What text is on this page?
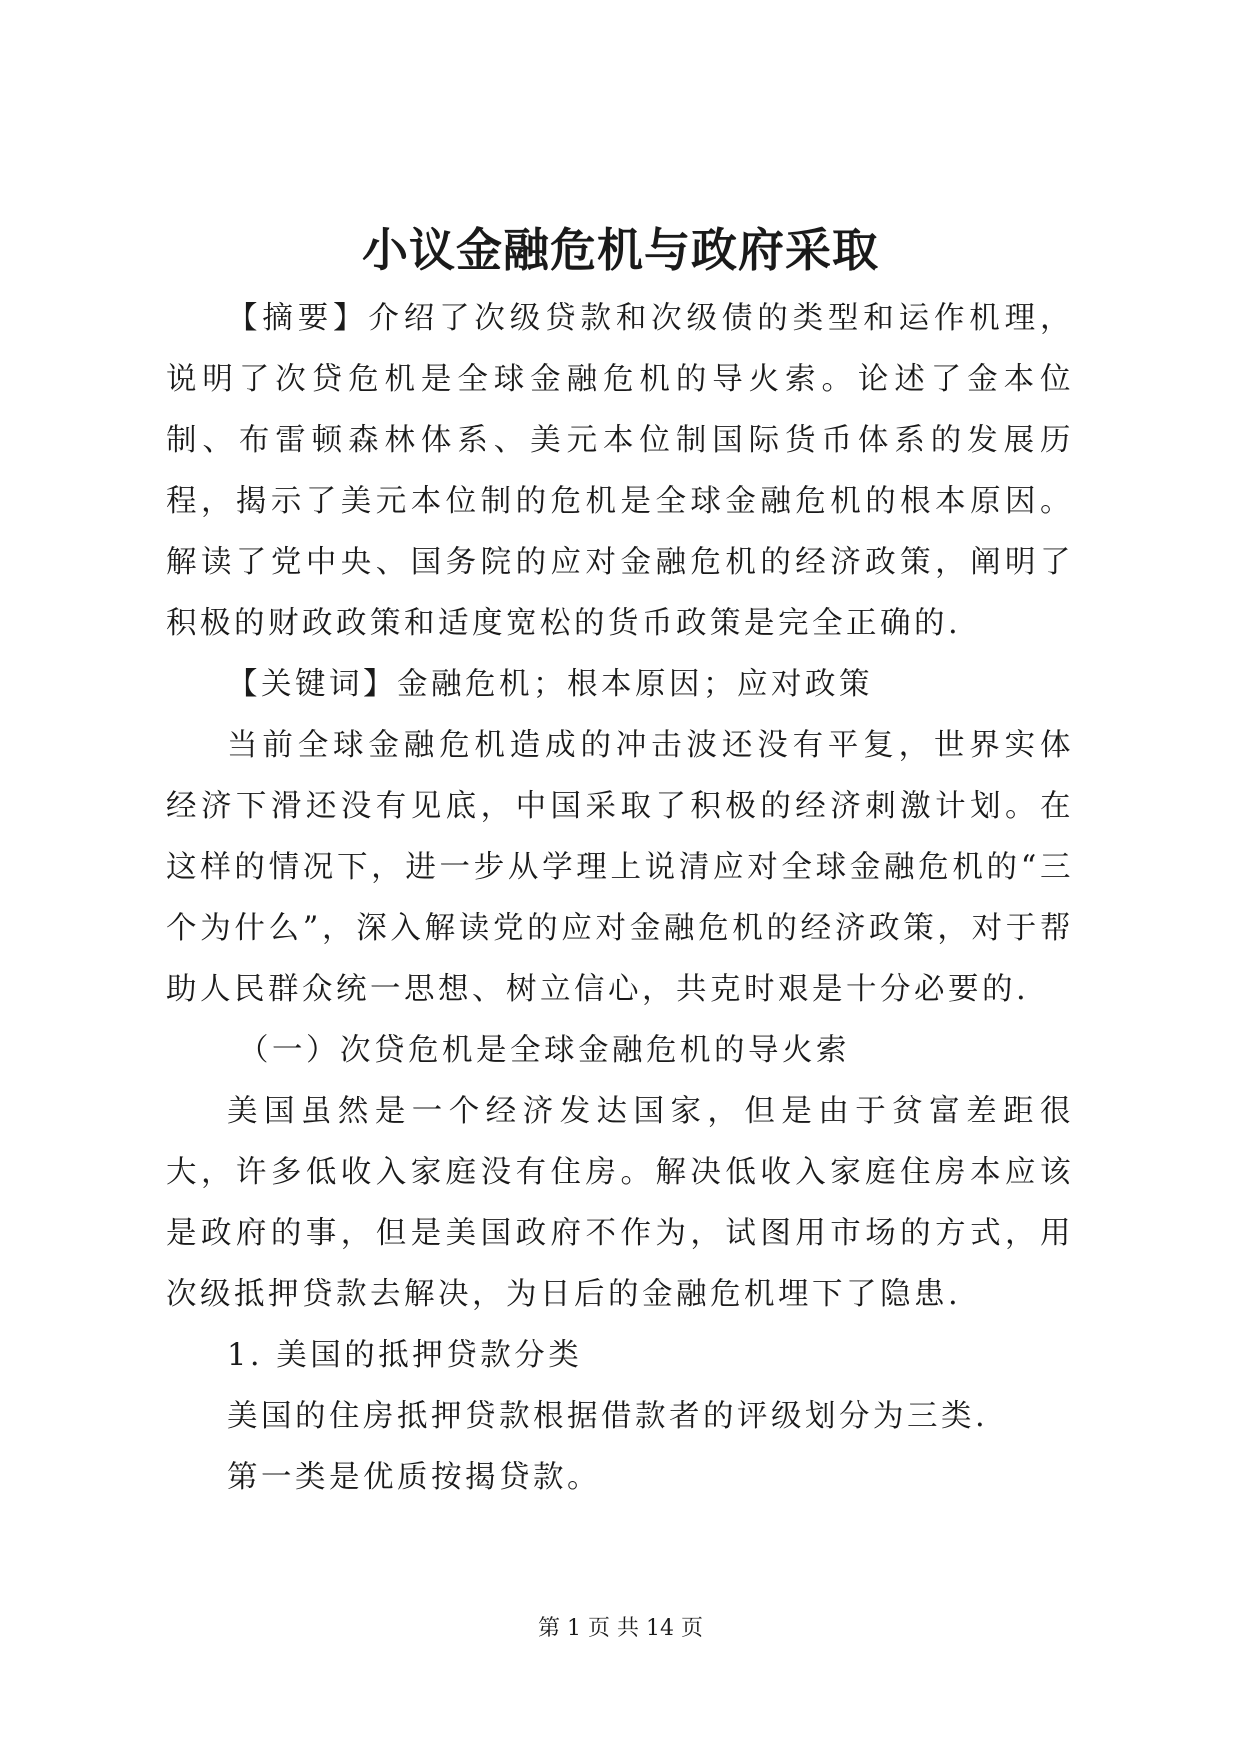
小议金融危机与政府采取

【摘要】介绍了次级贷款和次级债的类型和运作机理，说明了次贷危机是全球金融危机的导火索。论述了金本位制、布雷顿森林体系、美元本位制国际货币体系的发展历程，揭示了美元本位制的危机是全球金融危机的根本原因。解读了党中央、国务院的应对金融危机的经济政策，阐明了积极的财政政策和适度宽松的货币政策是完全正确的.

【关键词】金融危机；根本原因；应对政策

当前全球金融危机造成的冲击波还没有平复，世界实体经济下滑还没有见底，中国采取了积极的经济刺激计划。在这样的情况下，进一步从学理上说清应对全球金融危机的“三个为什么”，深入解读党的应对金融危机的经济政策，对于帮助人民群众统一思想、树立信心，共克时艰是十分必要的.

（一）次贷危机是全球金融危机的导火索

美国虽然是一个经济发达国家，但是由于贫富差距很大，许多低收入家庭没有住房。解决低收入家庭住房本应该是政府的事，但是美国政府不作为，试图用市场的方式，用次级抵押贷款去解决，为日后的金融危机埋下了隐患.

1. 美国的抵押贷款分类

美国的住房抵押贷款根据借款者的评级划分为三类.

第一类是优质按揭贷款。

第 1 页 共 14 页
